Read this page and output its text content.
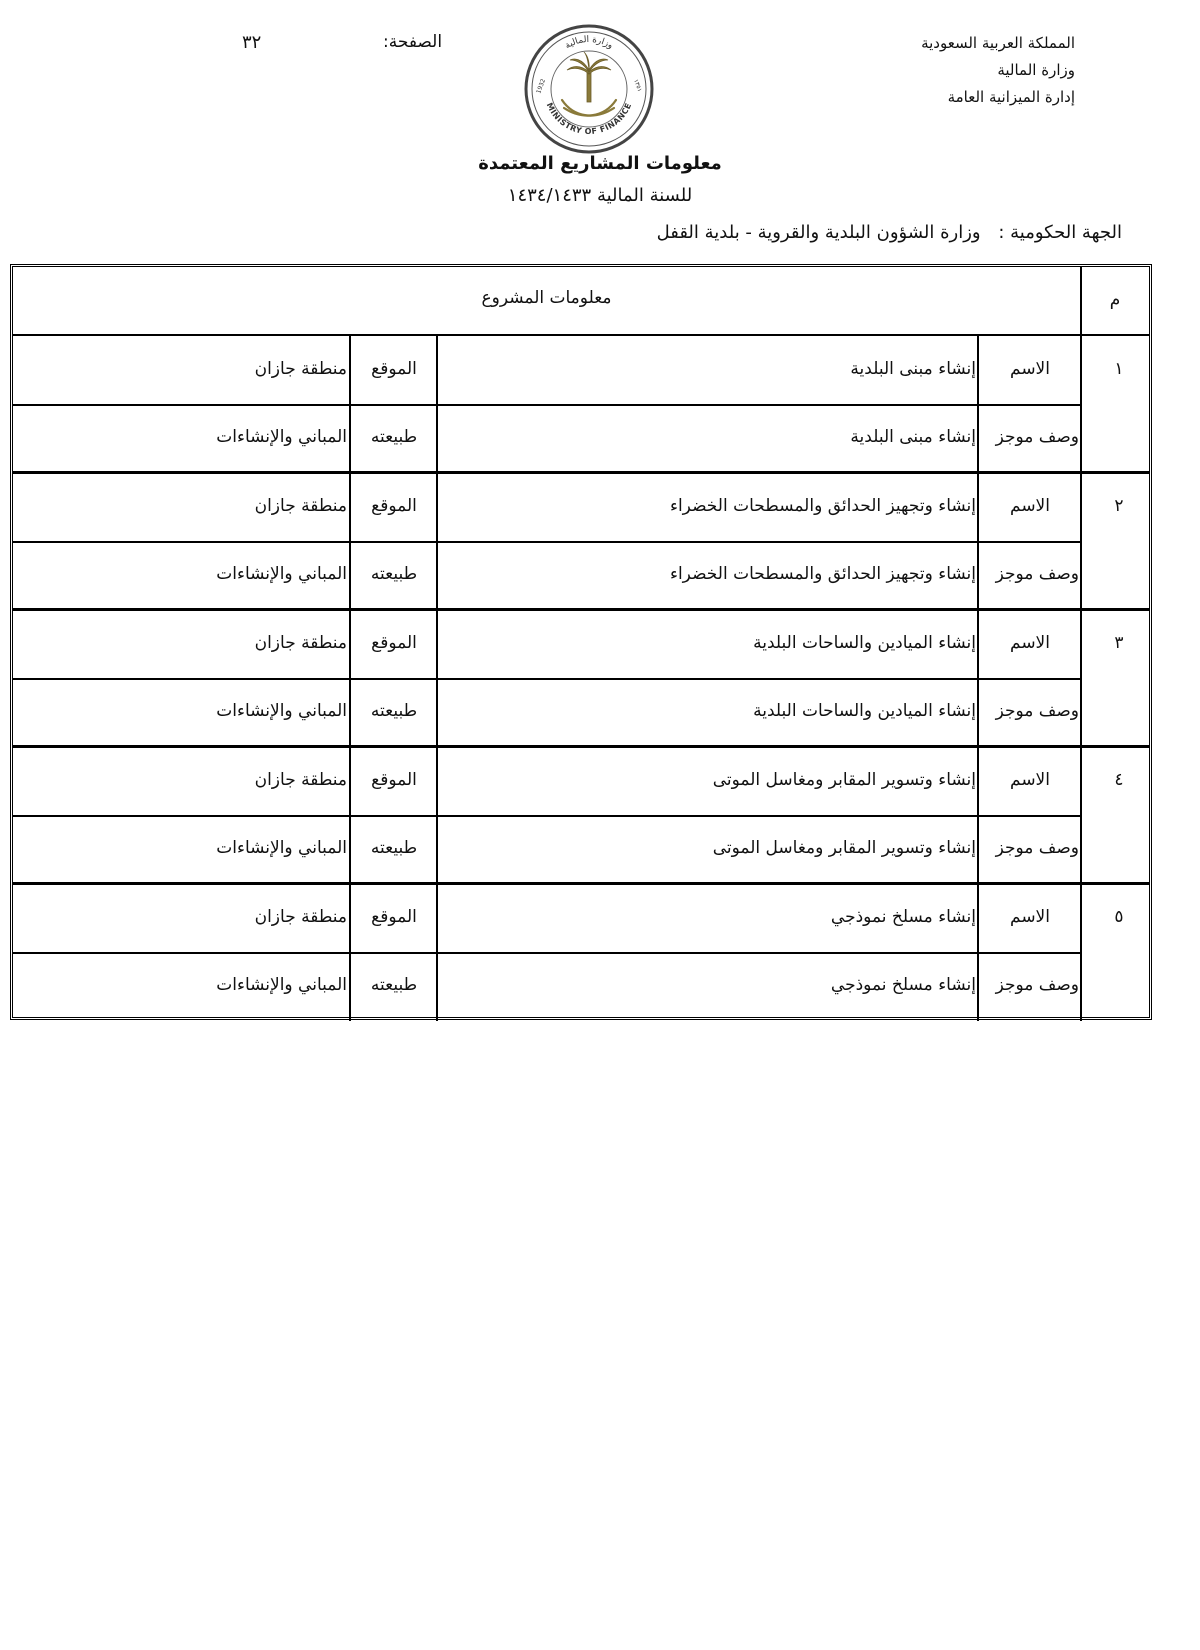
المملكة العربية السعودية
وزارة المالية
إدارة الميزانية العامة
الصفحة:
٣٢
MINISTRY OF FINANCE
وزارة المالية
1932	١٣٥١
معلومات المشاريع المعتمدة
للسنة المالية ١٤٣٤/١٤٣٣
الجهة الحكومية : وزارة الشؤون البلدية والقروية - بلدية القفل
م
معلومات المشروع
١
الاسم
وصف موجز
إنشاء مبنى البلدية
إنشاء مبنى البلدية
الموقع
طبيعته
منطقة جازان
المباني والإنشاءات
٢
الاسم
وصف موجز
إنشاء وتجهيز الحدائق والمسطحات الخضراء
إنشاء وتجهيز الحدائق والمسطحات الخضراء
الموقع
طبيعته
منطقة جازان
المباني والإنشاءات
٣
الاسم
وصف موجز
إنشاء الميادين والساحات البلدية
إنشاء الميادين والساحات البلدية
الموقع
طبيعته
منطقة جازان
المباني والإنشاءات
٤
الاسم
وصف موجز
إنشاء وتسوير المقابر ومغاسل الموتى
إنشاء وتسوير المقابر ومغاسل الموتى
الموقع
طبيعته
منطقة جازان
المباني والإنشاءات
٥
الاسم
وصف موجز
إنشاء مسلخ نموذجي
إنشاء مسلخ نموذجي
الموقع
طبيعته
منطقة جازان
المباني والإنشاءات
